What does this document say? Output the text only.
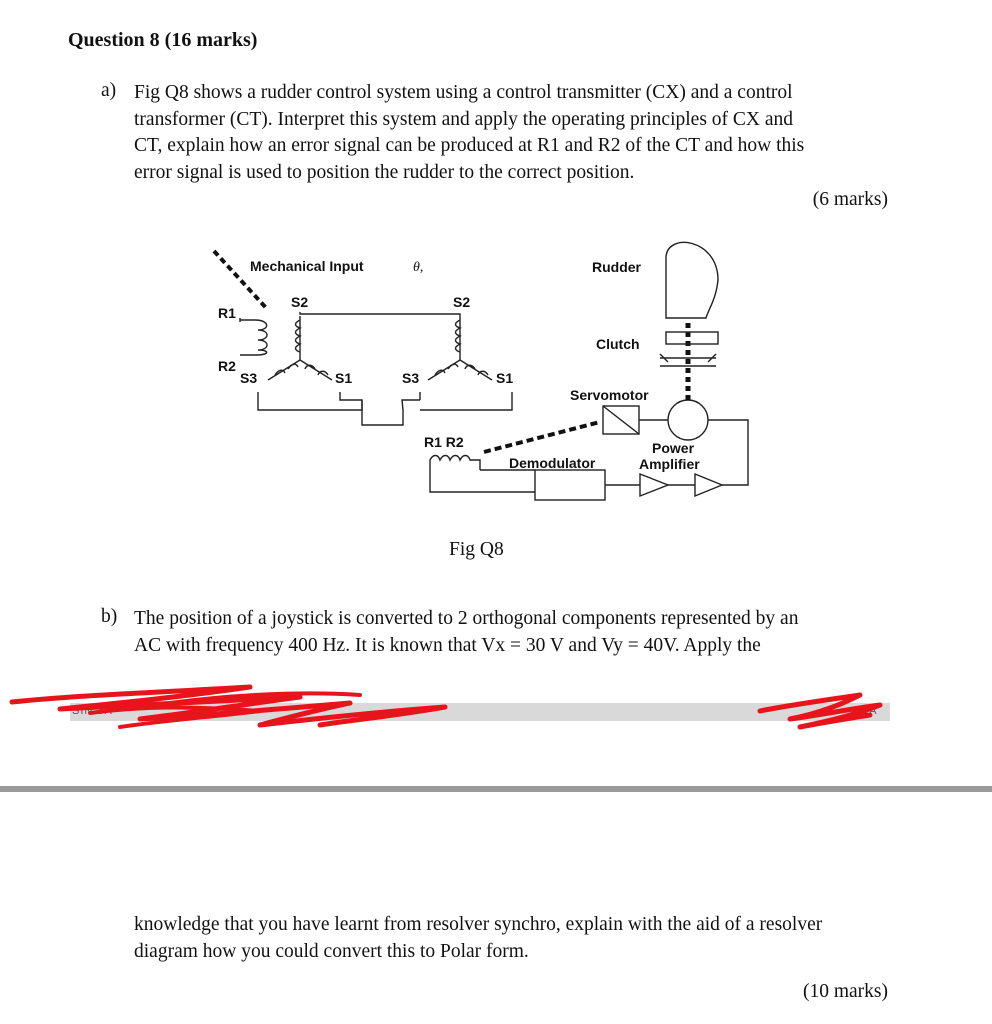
Question 8 (16 marks)
a) Fig Q8 shows a rudder control system using a control transmitter (CX) and a control
transformer (CT). Interpret this system and apply the operating principles of CX and
CT, explain how an error signal can be produced at R1 and R2 of the CT and how this
error signal is used to position the rudder to the correct position.
(6 marks)
Mechanical Input	θ,
R1
R2
S2
S3	S1
S2
S3	S1
R1 R2
Demodulator
Power
Amplifier
Servomotor
Clutch
Rudder
Fig Q8
b) The position of a joystick is converted to 2 orthogonal components represented by an
AC with frequency 400 Hz. It is known that Vx = 30 V and Vy = 40V. Apply the
SIN 3A	3A
knowledge that you have learnt from resolver synchro, explain with the aid of a resolver
diagram how you could convert this to Polar form.
(10 marks)
